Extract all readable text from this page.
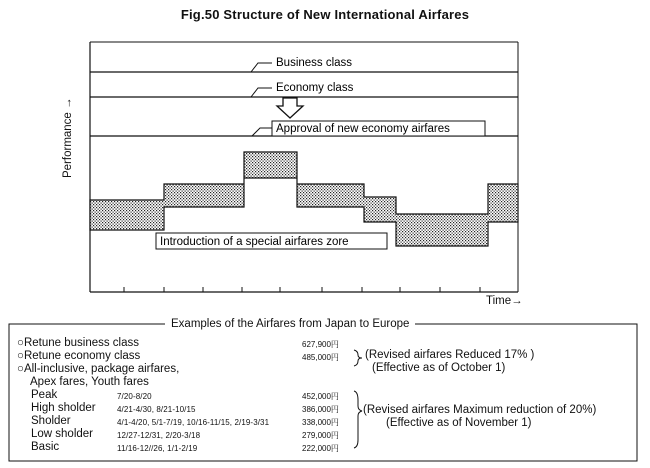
Fig.50 Structure of New International Airfares
Performance →
Business class
Economy class
Approval of new economy airfares
Introduction of a special airfares zore
Time→
Examples of the Airfares from Japan to Europe
○Retune business class	627,900円
○Retune economy class	485,000円
○All-inclusive, package airfares,
Apex fares, Youth fares
Peak	7/20-8/20	452,000円
High sholder	4/21-4/30, 8/21-10/15	386,000円
Sholder	4/1-4/20, 5/1-7/19, 10/16-11/15, 2/19-3/31	338,000円
Low sholder	12/27-12/31, 2/20-3/18	279,000円
Basic	11/16-12//26, 1/1-2/19	222,000円
(Revised airfares Reduced 17% )
(Effective as of October 1)
(Revised airfares Maximum reduction of 20%)
(Effective as of November 1)
